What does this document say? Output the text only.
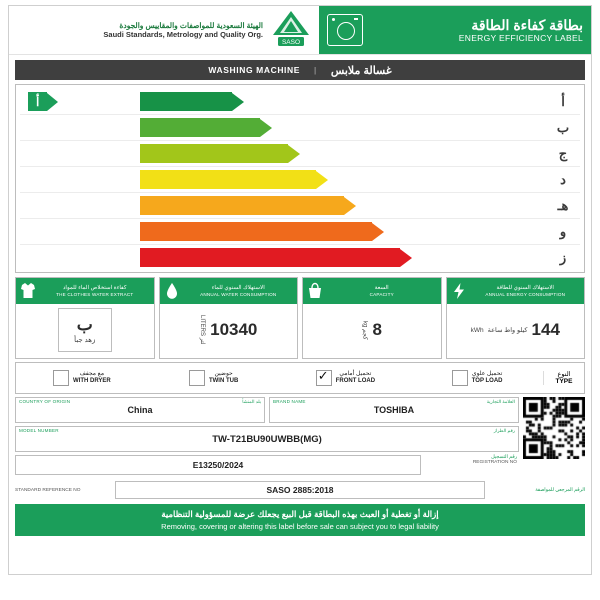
الهيئة السعودية للمواصفات والمقاييس والجودة
Saudi Standards, Metrology and Quality Org.
SASO
بطاقة كفاءة الطاقة
ENERGY EFFICIENCY LABEL
WASHING MACHINE | غسالة ملابس
أ	أ
ب
ج
د
هـ
و
ز
كفاءة استخلاص الماء للمواد
THE CLOTHES WATER EXTRACT
ب
زهد جبأ
الاستهلاك السنوي للماء
ANNUAL WATER CONSUMPTION
LITERS لتر
10340
السعة
CAPACITY
kg كجم 8
الاستهلاك السنوي للطاقة
ANNUAL ENERGY CONSUMPTION
kWh كيلو واط ساعة 144
مع مجفف
WITH DRYER
حوضين
TWIN TUB
✓
تحميل أمامي
FRONT LOAD
تحميل علوي
TOP LOAD
النوع
TYPE
COUNTRY OF ORIGIN	بلد المنشأ
China
BRAND NAME	العلامة التجارية
TOSHIBA
MODEL NUMBER	رقم الطراز
TW-T21BU90UWBB(MG)
E13250/2024
رقم التسجيل
REGISTRATION NO
STANDARD REFERENCE NO	SASO 2885:2018	الرقم المرجعي للمواصفة
إزالة أو تغطية أو العبث بهذه البطاقة قبل البيع يجعلك عرضة للمسؤولية التنظامية
Removing, covering or altering this label before sale can subject you to legal liability
